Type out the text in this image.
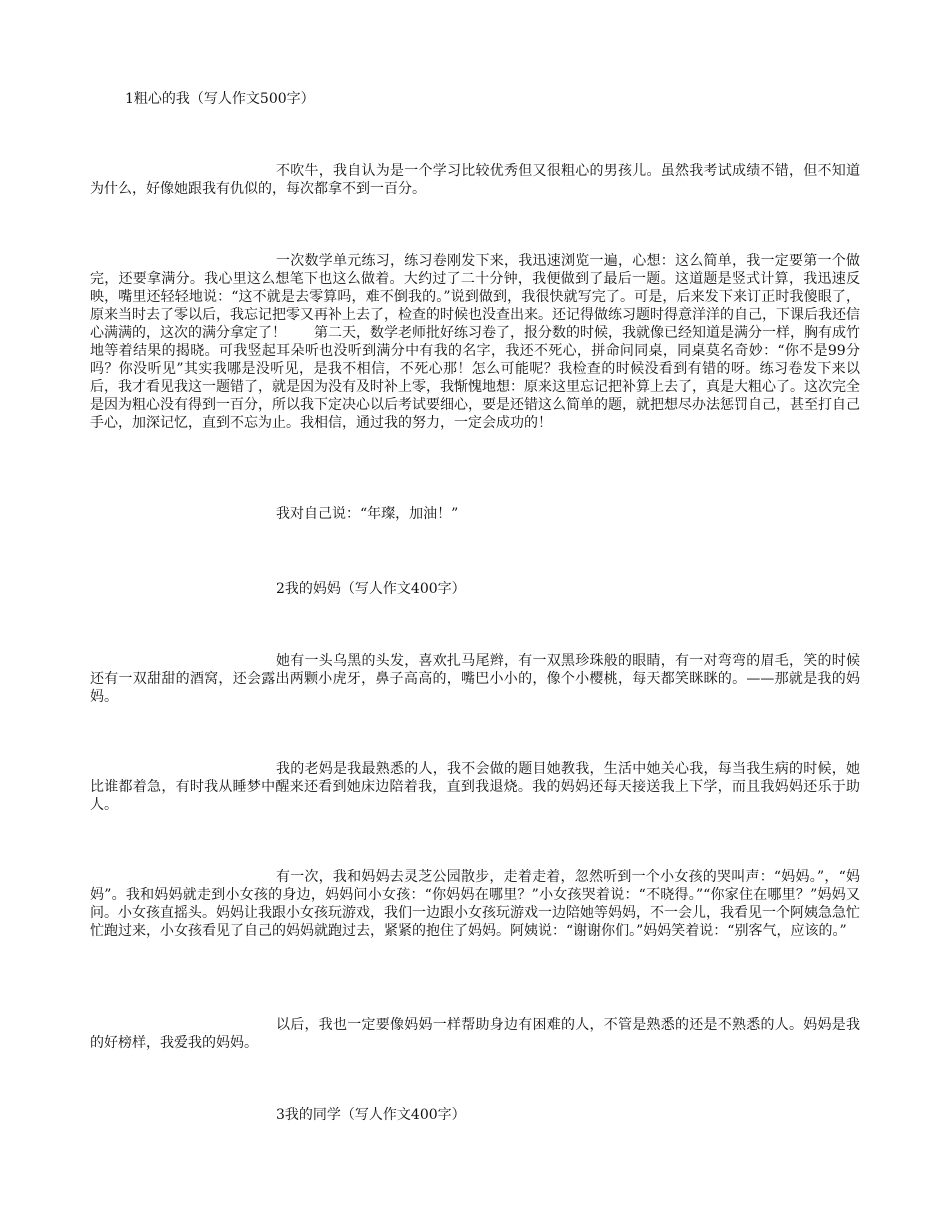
1粗心的我（写人作文500字）

不吹牛，我自认为是一个学习比较优秀但又很粗心的男孩儿。虽然我考试成绩不错，但不知道为什么，好像她跟我有仇似的，每次都拿不到一百分。

一次数学单元练习，练习卷刚发下来，我迅速浏览一遍，心想：这么简单，我一定要第一个做完，还要拿满分。我心里这么想笔下也这么做着。大约过了二十分钟，我便做到了最后一题。这道题是竖式计算，我迅速反映，嘴里还轻轻地说：“这不就是去零算吗，难不倒我的。”说到做到，我很快就写完了。可是，后来发下来订正时我傻眼了，原来当时去了零以后，我忘记把零又再补上去了，检查的时候也没查出来。还记得做练习题时得意洋洋的自己，下课后我还信心满满的，这次的满分拿定了！　　第二天，数学老师批好练习卷了，报分数的时候，我就像已经知道是满分一样，胸有成竹地等着结果的揭晓。可我竖起耳朵听也没听到满分中有我的名字，我还不死心，拼命问同桌，同桌莫名奇妙：“你不是99分吗？你没听见”其实我哪是没听见，是我不相信，不死心那！怎么可能呢？我检查的时候没看到有错的呀。练习卷发下来以后，我才看见我这一题错了，就是因为没有及时补上零，我惭愧地想：原来这里忘记把补算上去了，真是大粗心了。这次完全是因为粗心没有得到一百分，所以我下定决心以后考试要细心，要是还错这么简单的题，就把想尽办法惩罚自己，甚至打自己手心，加深记忆，直到不忘为止。我相信，通过我的努力，一定会成功的！

我对自己说：“年璨，加油！”

2我的妈妈（写人作文400字）

她有一头乌黑的头发，喜欢扎马尾辫，有一双黑珍珠般的眼睛，有一对弯弯的眉毛，笑的时候还有一双甜甜的酒窝，还会露出两颗小虎牙，鼻子高高的，嘴巴小小的，像个小樱桃，每天都笑眯眯的。——那就是我的妈妈。

我的老妈是我最熟悉的人，我不会做的题目她教我，生活中她关心我，每当我生病的时候，她比谁都着急，有时我从睡梦中醒来还看到她床边陪着我，直到我退烧。我的妈妈还每天接送我上下学，而且我妈妈还乐于助人。

有一次，我和妈妈去灵芝公园散步，走着走着，忽然听到一个小女孩的哭叫声：“妈妈。”，“妈妈”。我和妈妈就走到小女孩的身边，妈妈问小女孩：“你妈妈在哪里？”小女孩哭着说：“不晓得。”“你家住在哪里？”妈妈又问。小女孩直摇头。妈妈让我跟小女孩玩游戏，我们一边跟小女孩玩游戏一边陪她等妈妈，不一会儿，我看见一个阿姨急急忙忙跑过来，小女孩看见了自己的妈妈就跑过去，紧紧的抱住了妈妈。阿姨说：“谢谢你们。”妈妈笑着说：“别客气，应该的。”

以后，我也一定要像妈妈一样帮助身边有困难的人，不管是熟悉的还是不熟悉的人。妈妈是我的好榜样，我爱我的妈妈。

3我的同学（写人作文400字）
